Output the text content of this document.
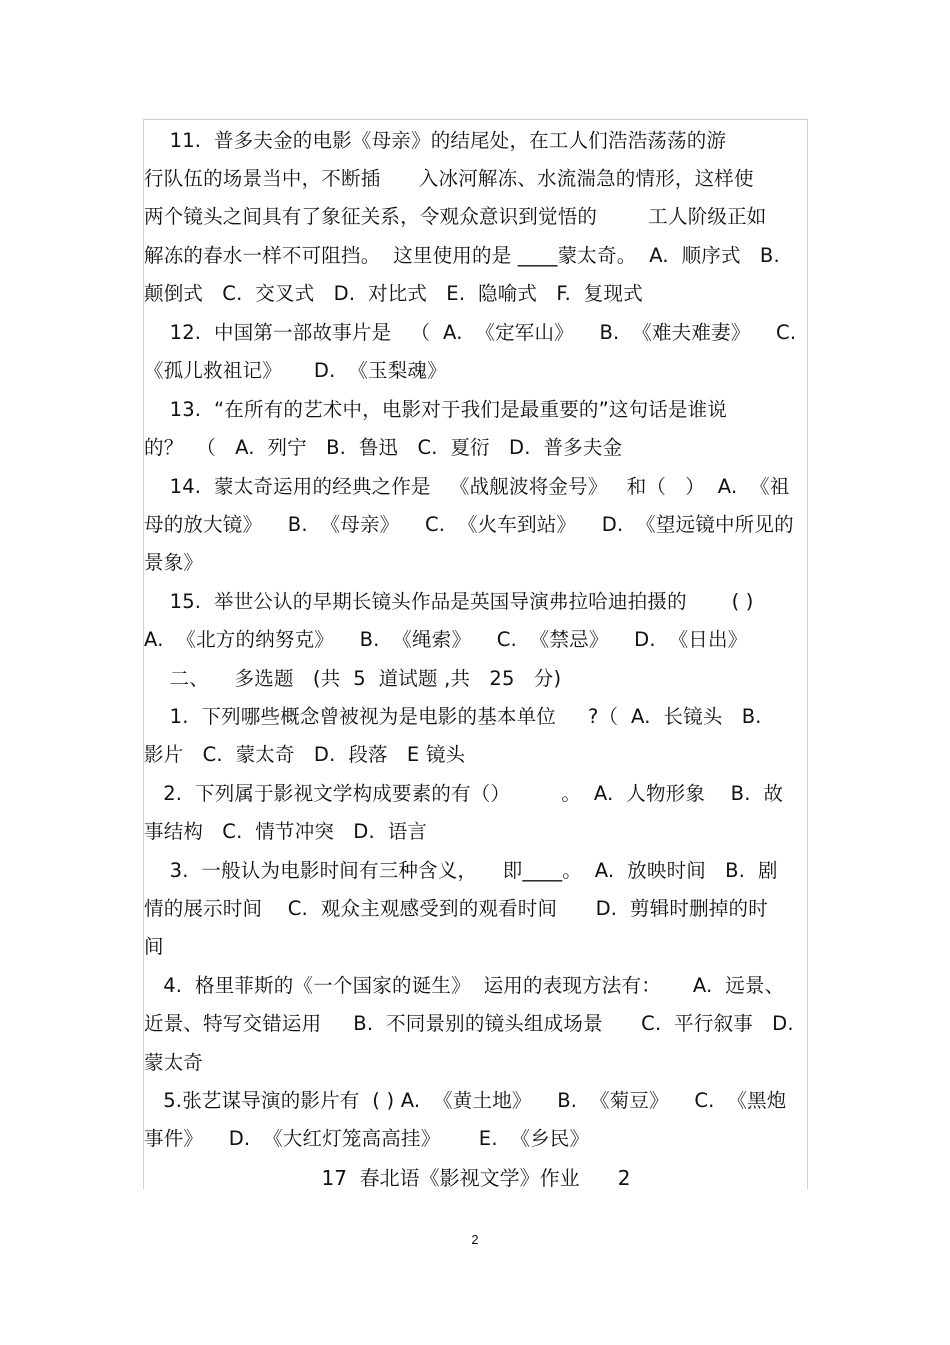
11.  普多夫金的电影《母亲》的结尾处，在工人们浩浩荡荡的游
行队伍的场景当中，不断插      入冰河解冻、水流湍急的情形，这样使
两个镜头之间具有了象征关系，令观众意识到觉悟的        工人阶级正如
解冻的春水一样不可阻挡。  这里使用的是 ____蒙太奇。  A.  顺序式   B.
颠倒式   C.  交叉式   D.  对比式   E.  隐喻式   F.  复现式
12.  中国第一部故事片是   （  A.  《定军山》    B.  《难夫难妻》    C.
《孤儿救祖记》     D.  《玉梨魂》
13.  “在所有的艺术中，电影对于我们是最重要的”这句话是谁说
的？  （   A.  列宁   B.  鲁迅   C.  夏衍   D.  普多夫金
14.  蒙太奇运用的经典之作是   《战舰波将金号》   和（   ）  A.  《祖
母的放大镜》    B.  《母亲》    C.  《火车到站》    D.  《望远镜中所见的
景象》
15.  举世公认的早期长镜头作品是英国导演弗拉哈迪拍摄的       ( )
A.  《北方的纳努克》    B.  《绳索》    C.  《禁忌》    D.  《日出》
二、    多选题   (共  5  道试题 ,共   25   分)
1.  下列哪些概念曾被视为是电影的基本单位     ?（  A.  长镜头   B.
影片   C.  蒙太奇   D.  段落   E 镜头
2.  下列属于影视文学构成要素的有（）        。  A.  人物形象    B.  故
事结构   C.  情节冲突   D.  语言
3.  一般认为电影时间有三种含义，    即____。  A.  放映时间   B.  剧
情的展示时间    C.  观众主观感受到的观看时间      D.  剪辑时删掉的时
间
4.  格里菲斯的《一个国家的诞生》  运用的表现方法有：     A.  远景、
近景、特写交错运用     B.  不同景别的镜头组成场景      C.  平行叙事   D.
蒙太奇
5.张艺谋导演的影片有  ( ) A.  《黄土地》    B.  《菊豆》    C.  《黑炮
事件》    D.  《大红灯笼高高挂》      E.  《乡民》
17  春北语《影视文学》作业      2
2
